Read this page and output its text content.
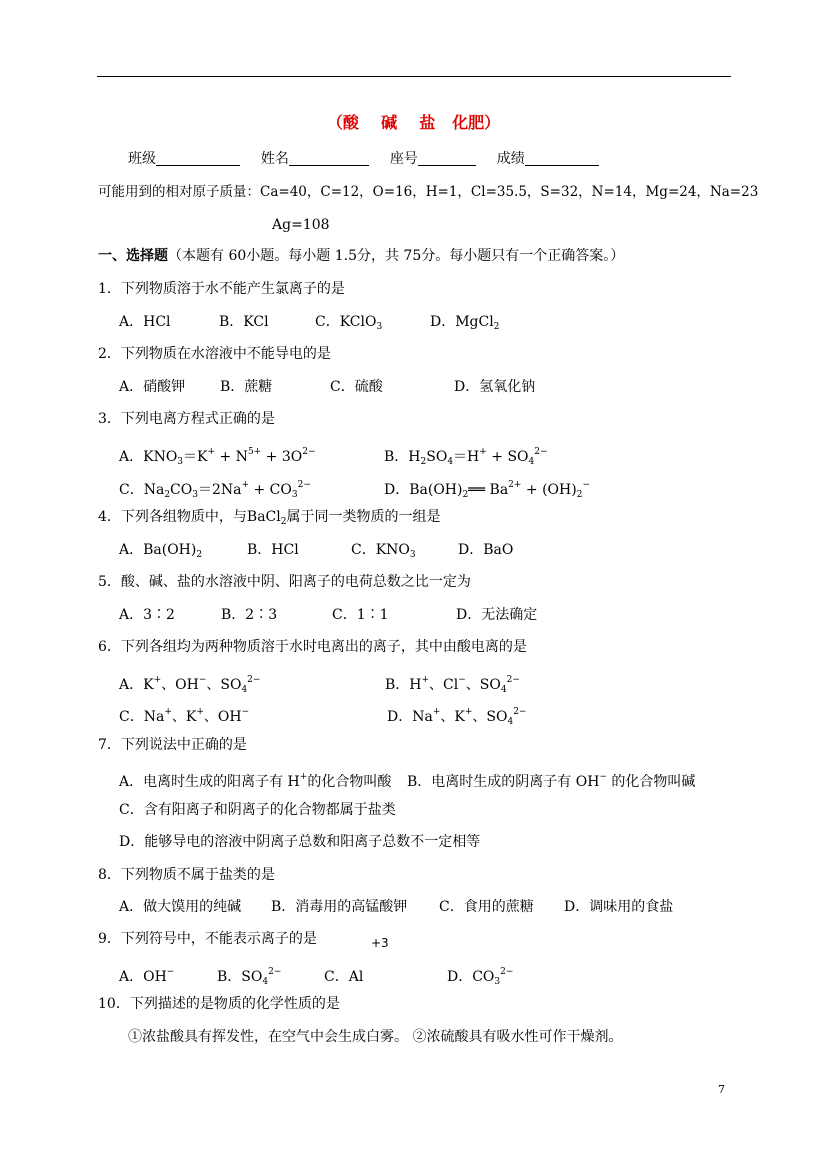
（酸    碱    盐   化肥）
班级	姓名	座号	成绩
可能用到的相对原子质量：Ca=40，C=12，O=16，H=1，Cl=35.5，S=32，N=14，Mg=24，Na=23
Ag=108
一、选择题（本题有 60小题。每小题 1.5分，共 75分。每小题只有一个正确答案。）
1．下列物质溶于水不能产生氯离子的是
A．HCl	B．KCl	C．KClO$_3$	D．MgCl$_2$
2．下列物质在水溶液中不能导电的是
A．硝酸钾 B．蔗糖	C．硫酸	D．氢氧化钠
3．下列电离方程式正确的是
A．$KNO_3=K^+ + N^{5+} + 3O^{2-}$	B．$H_2SO_4=H^+ + SO_4^{2-}$
C．$Na_2CO_3=2Na^+ + CO_3^{2-}$	D．$Ba(OH)_2══$ $Ba^{2+} + (OH)_2^-$
4．下列各组物质中，与BaCl$_2$属于同一类物质的一组是
A．$Ba(OH)_2$	B．HCl	C．$KNO_3$	D．BaO
5．酸、碱、盐的水溶液中阴、阳离子的电荷总数之比一定为
A．3∶2	B．2∶3	C．1∶1	D．无法确定
6．下列各组均为两种物质溶于水时电离出的离子，其中由酸电离的是
A．K+、OH−、$SO_4^{2-}$	B．H+、Cl−、$SO_4^{2-}$
C．Na+、K+、OH−	D．Na+、K+、$SO_4^{2-}$
7．下列说法中正确的是
A．电离时生成的阳离子有 H+的化合物叫酸 B．电离时生成的阴离子有 OH− 的化合物叫碱
C．含有阳离子和阴离子的化合物都属于盐类
D．能够导电的溶液中阴离子总数和阳离子总数不一定相等
8．下列物质不属于盐类的是
A．做大馍用的纯碱 B．消毒用的高锰酸钾 C．食用的蔗糖 D．调味用的食盐
9．下列符号中，不能表示离子的是	+3
A．OH−	B．$SO_4^{2-}$	C．Al	D．$CO_3^{2-}$
10．下列描述的是物质的化学性质的是
①浓盐酸具有挥发性，在空气中会生成白雾。 ②浓硫酸具有吸水性可作干燥剂。
7
